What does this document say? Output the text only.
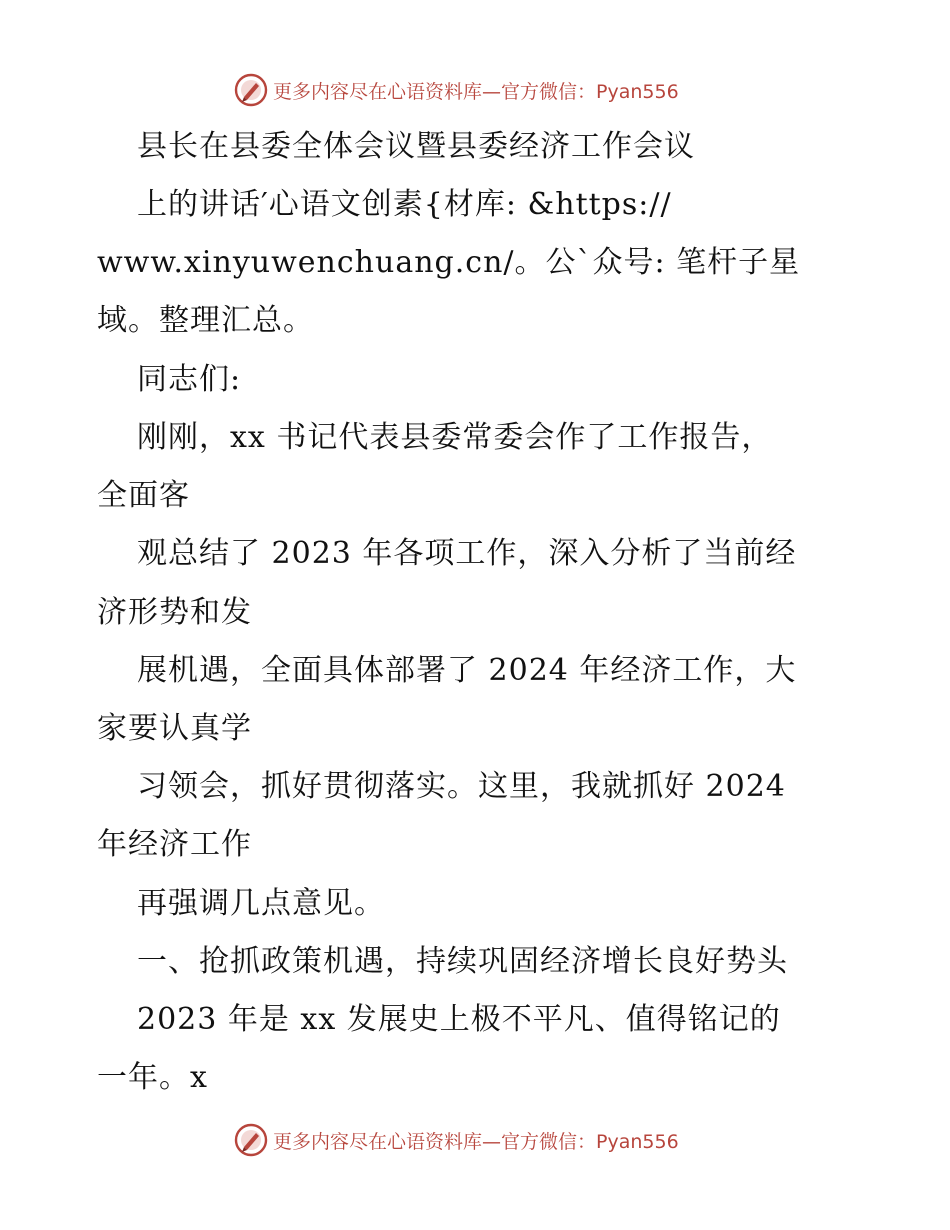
更多内容尽在心语资料库—官方微信：Pyan556
县长在县委全体会议暨县委经济工作会议
上的讲话′心语文创素{材库: &https://
www.xinyuwenchuang.cn/。公`众号: 笔杆子星
域。整理汇总。
同志们:
刚刚，xx 书记代表县委常委会作了工作报告，
全面客
观总结了 2023 年各项工作，深入分析了当前经
济形势和发
展机遇，全面具体部署了 2024 年经济工作，大
家要认真学
习领会，抓好贯彻落实。这里，我就抓好 2024
年经济工作
再强调几点意见。
一、抢抓政策机遇，持续巩固经济增长良好势头
2023 年是 xx 发展史上极不平凡、值得铭记的
一年。x
更多内容尽在心语资料库—官方微信：Pyan556
